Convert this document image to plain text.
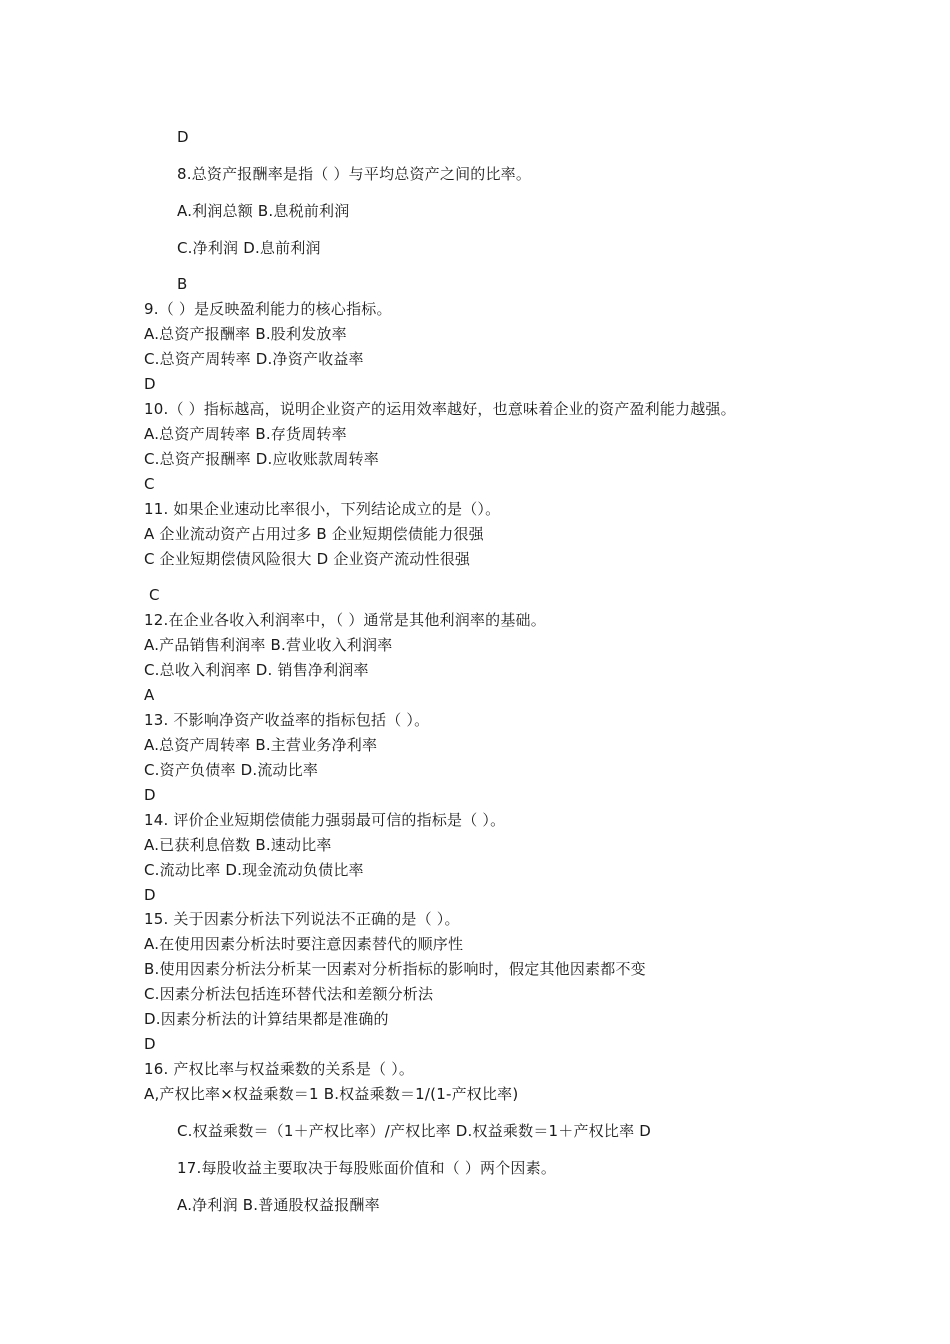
D
8.总资产报酬率是指（ ）与平均总资产之间的比率。
A.利润总额 B.息税前利润
C.净利润 D.息前利润
B
9.（ ）是反映盈利能力的核心指标。
A.总资产报酬率 B.股利发放率
C.总资产周转率 D.净资产收益率
D
10.（ ）指标越高，说明企业资产的运用效率越好，也意味着企业的资产盈利能力越强。
A.总资产周转率 B.存货周转率
C.总资产报酬率 D.应收账款周转率
C
11. 如果企业速动比率很小，下列结论成立的是（）。
A 企业流动资产占用过多 B 企业短期偿债能力很强
C 企业短期偿债风险很大 D 企业资产流动性很强
C
12.在企业各收入利润率中，（ ）通常是其他利润率的基础。
A.产品销售利润率 B.营业收入利润率
C.总收入利润率 D. 销售净利润率
A
13. 不影响净资产收益率的指标包括（ ）。
A.总资产周转率 B.主营业务净利率
C.资产负债率 D.流动比率
D
14. 评价企业短期偿债能力强弱最可信的指标是（ ）。
A.已获利息倍数 B.速动比率
C.流动比率 D.现金流动负债比率
D
15. 关于因素分析法下列说法不正确的是（ ）。
A.在使用因素分析法时要注意因素替代的顺序性
B.使用因素分析法分析某一因素对分析指标的影响时，假定其他因素都不变
C.因素分析法包括连环替代法和差额分析法
D.因素分析法的计算结果都是准确的
D
16. 产权比率与权益乘数的关系是（ ）。
A,产权比率×权益乘数＝1 B.权益乘数＝1/(1-产权比率)
C.权益乘数＝（1＋产权比率）/产权比率 D.权益乘数＝1＋产权比率 D
17.每股收益主要取决于每股账面价值和（ ）两个因素。
A.净利润 B.普通股权益报酬率
